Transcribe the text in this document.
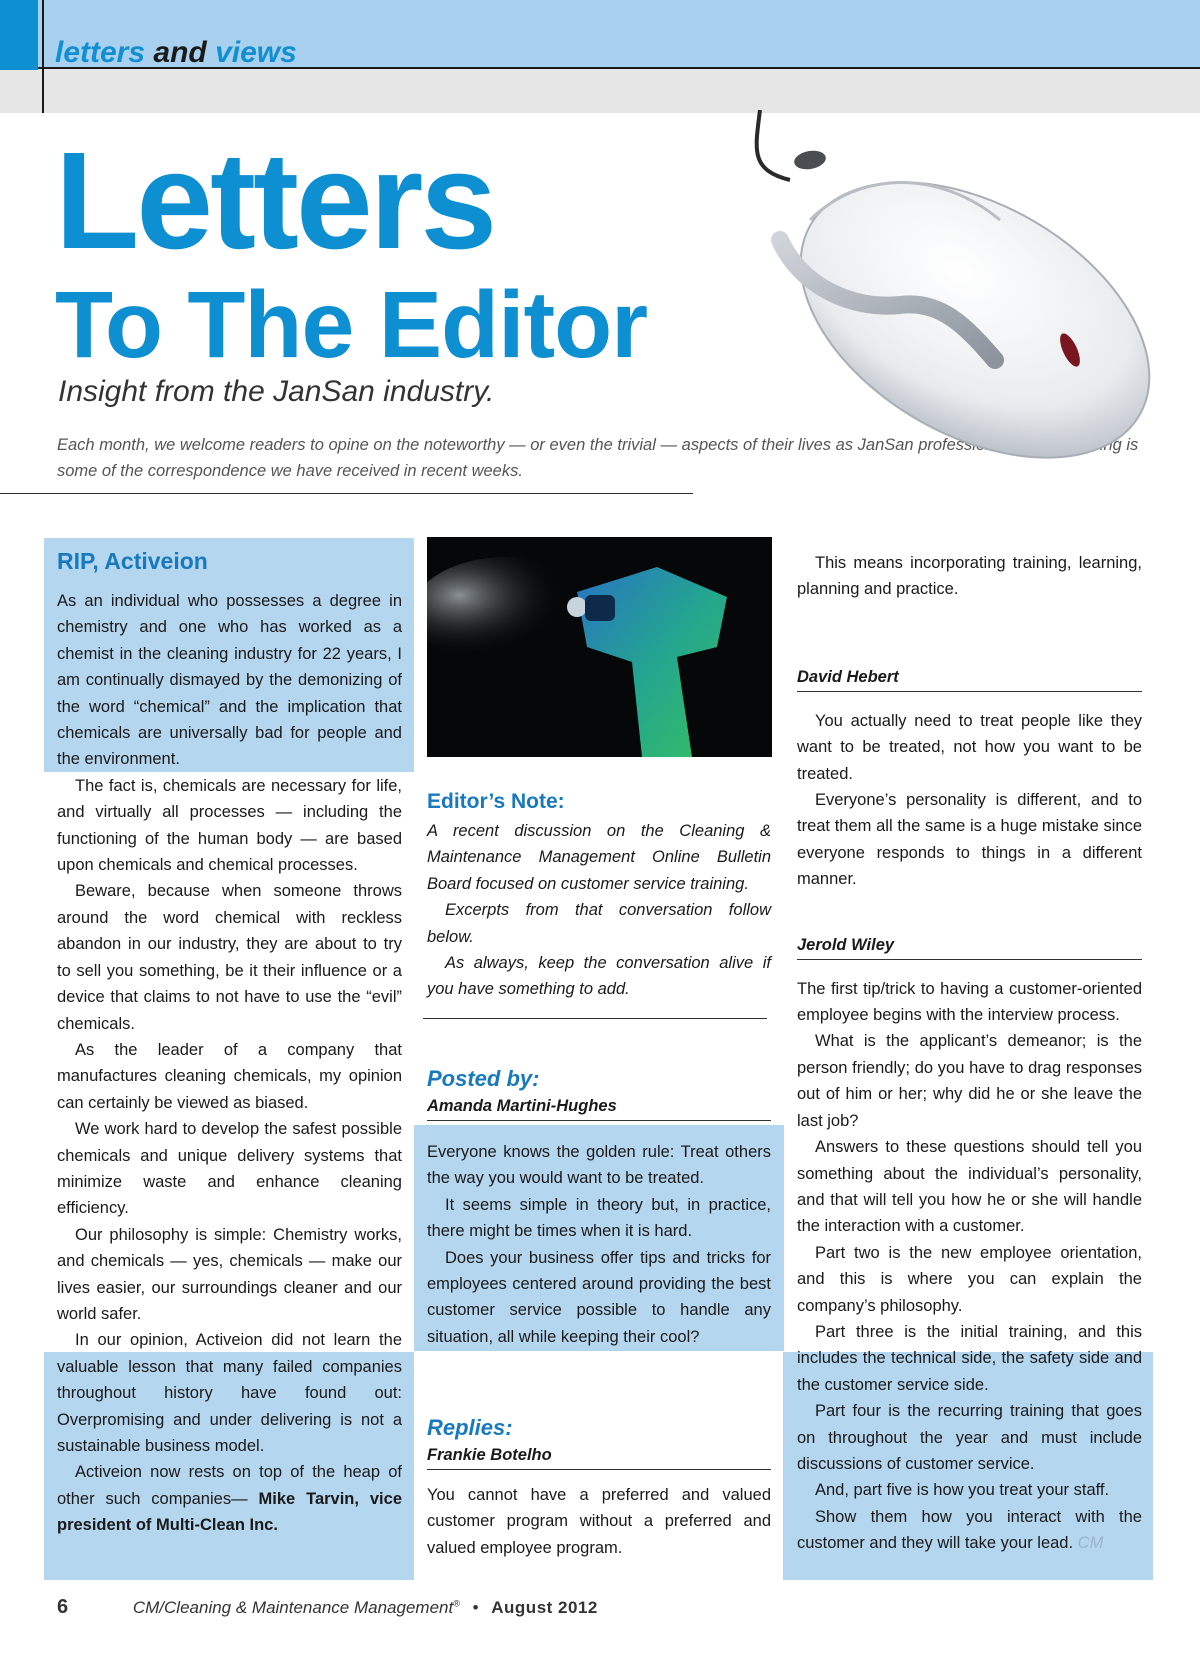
letters and views
Letters
To The Editor
Insight from the JanSan industry.
Each month, we welcome readers to opine on the noteworthy — or even the trivial — aspects of their lives as JanSan professionals. The following is some of the correspondence we have received in recent weeks.
RIP, Activeion

As an individual who possesses a degree in chemistry and one who has worked as a chemist in the cleaning industry for 22 years, I am continually dismayed by the demonizing of the word “chemical” and the implication that chemicals are universally bad for people and the environment.

The fact is, chemicals are necessary for life, and virtually all processes — including the functioning of the human body — are based upon chemicals and chemical processes.

Beware, because when someone throws around the word chemical with reckless abandon in our industry, they are about to try to sell you something, be it their influence or a device that claims to not have to use the “evil” chemicals.

As the leader of a company that manufactures cleaning chemicals, my opinion can certainly be viewed as biased.

We work hard to develop the safest possible chemicals and unique delivery systems that minimize waste and enhance cleaning efficiency.

Our philosophy is simple: Chemistry works, and chemicals — yes, chemicals — make our lives easier, our surroundings cleaner and our world safer.

In our opinion, Activeion did not learn the valuable lesson that many failed companies throughout history have found out: Overpromising and under delivering is not a sustainable business model.

Activeion now rests on top of the heap of other such companies— Mike Tarvin, vice president of Multi-Clean Inc.

Editor’s Note:

A recent discussion on the Cleaning & Maintenance Management Online Bulletin Board focused on customer service training.

Excerpts from that conversation follow below.

As always, keep the conversation alive if you have something to add.

Posted by:
Amanda Martini-Hughes

Everyone knows the golden rule: Treat others the way you would want to be treated.

It seems simple in theory but, in practice, there might be times when it is hard.

Does your business offer tips and tricks for employees centered around providing the best customer service possible to handle any situation, all while keeping their cool?

Replies:
Frankie Botelho

You cannot have a preferred and valued customer program without a preferred and valued employee program.

This means incorporating training, learning, planning and practice.

David Hebert

You actually need to treat people like they want to be treated, not how you want to be treated.

Everyone’s personality is different, and to treat them all the same is a huge mistake since everyone responds to things in a different manner.

Jerold Wiley

The first tip/trick to having a customer-oriented employee begins with the interview process.

What is the applicant’s demeanor; is the person friendly; do you have to drag responses out of him or her; why did he or she leave the last job?

Answers to these questions should tell you something about the individual’s personality, and that will tell you how he or she will handle the interaction with a customer.

Part two is the new employee orientation, and this is where you can explain the company’s philosophy.

Part three is the initial training, and this includes the technical side, the safety side and the customer service side.

Part four is the recurring training that goes on throughout the year and must include discussions of customer service.

And, part five is how you treat your staff.

Show them how you interact with the customer and they will take your lead. CM

6	CM/Cleaning & Maintenance Management® • August 2012
